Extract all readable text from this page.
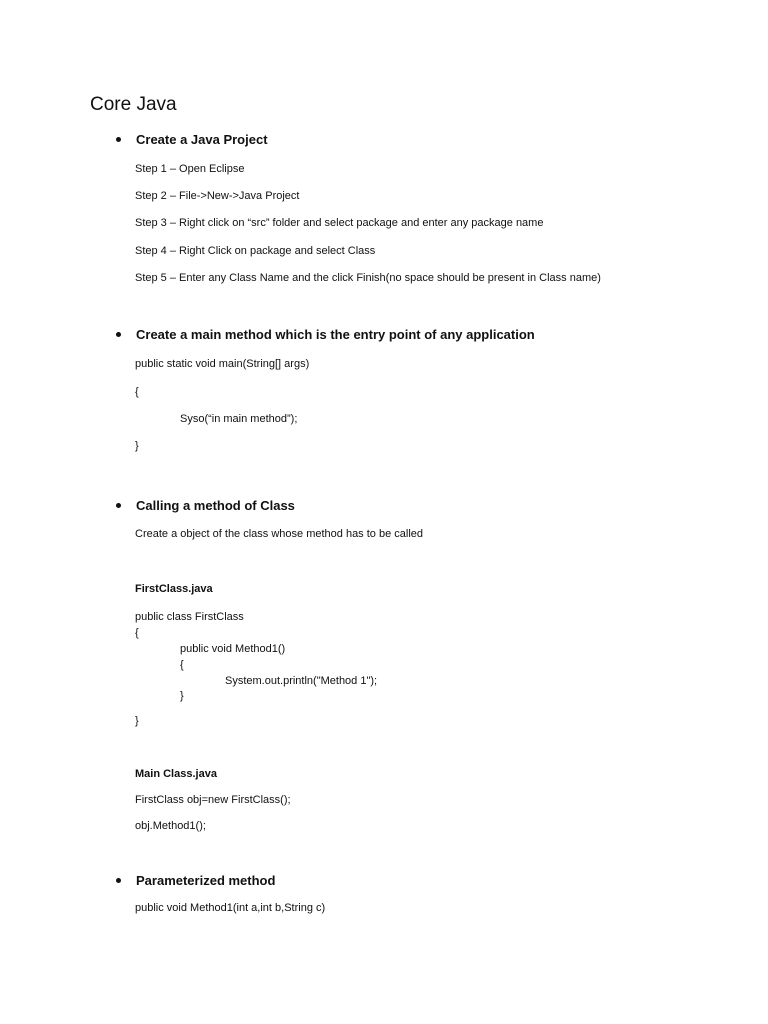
Core Java
Create a Java Project
Step 1 – Open Eclipse
Step 2 – File->New->Java Project
Step 3 – Right click on “src” folder and select package and enter any package name
Step 4 – Right Click on package and select Class
Step 5 – Enter any Class Name and the click Finish(no space should be present in Class name)
Create a main method which is the entry point of any application
public static void main(String[] args)
{
Syso(“in main method”);
}
Calling a method of Class
Create a object of the class whose method has to be called
FirstClass.java
public class FirstClass
{
public void Method1()
{
System.out.println("Method 1");
}
}
Main Class.java
FirstClass obj=new FirstClass();
obj.Method1();
Parameterized method
public void Method1(int a,int b,String c)
